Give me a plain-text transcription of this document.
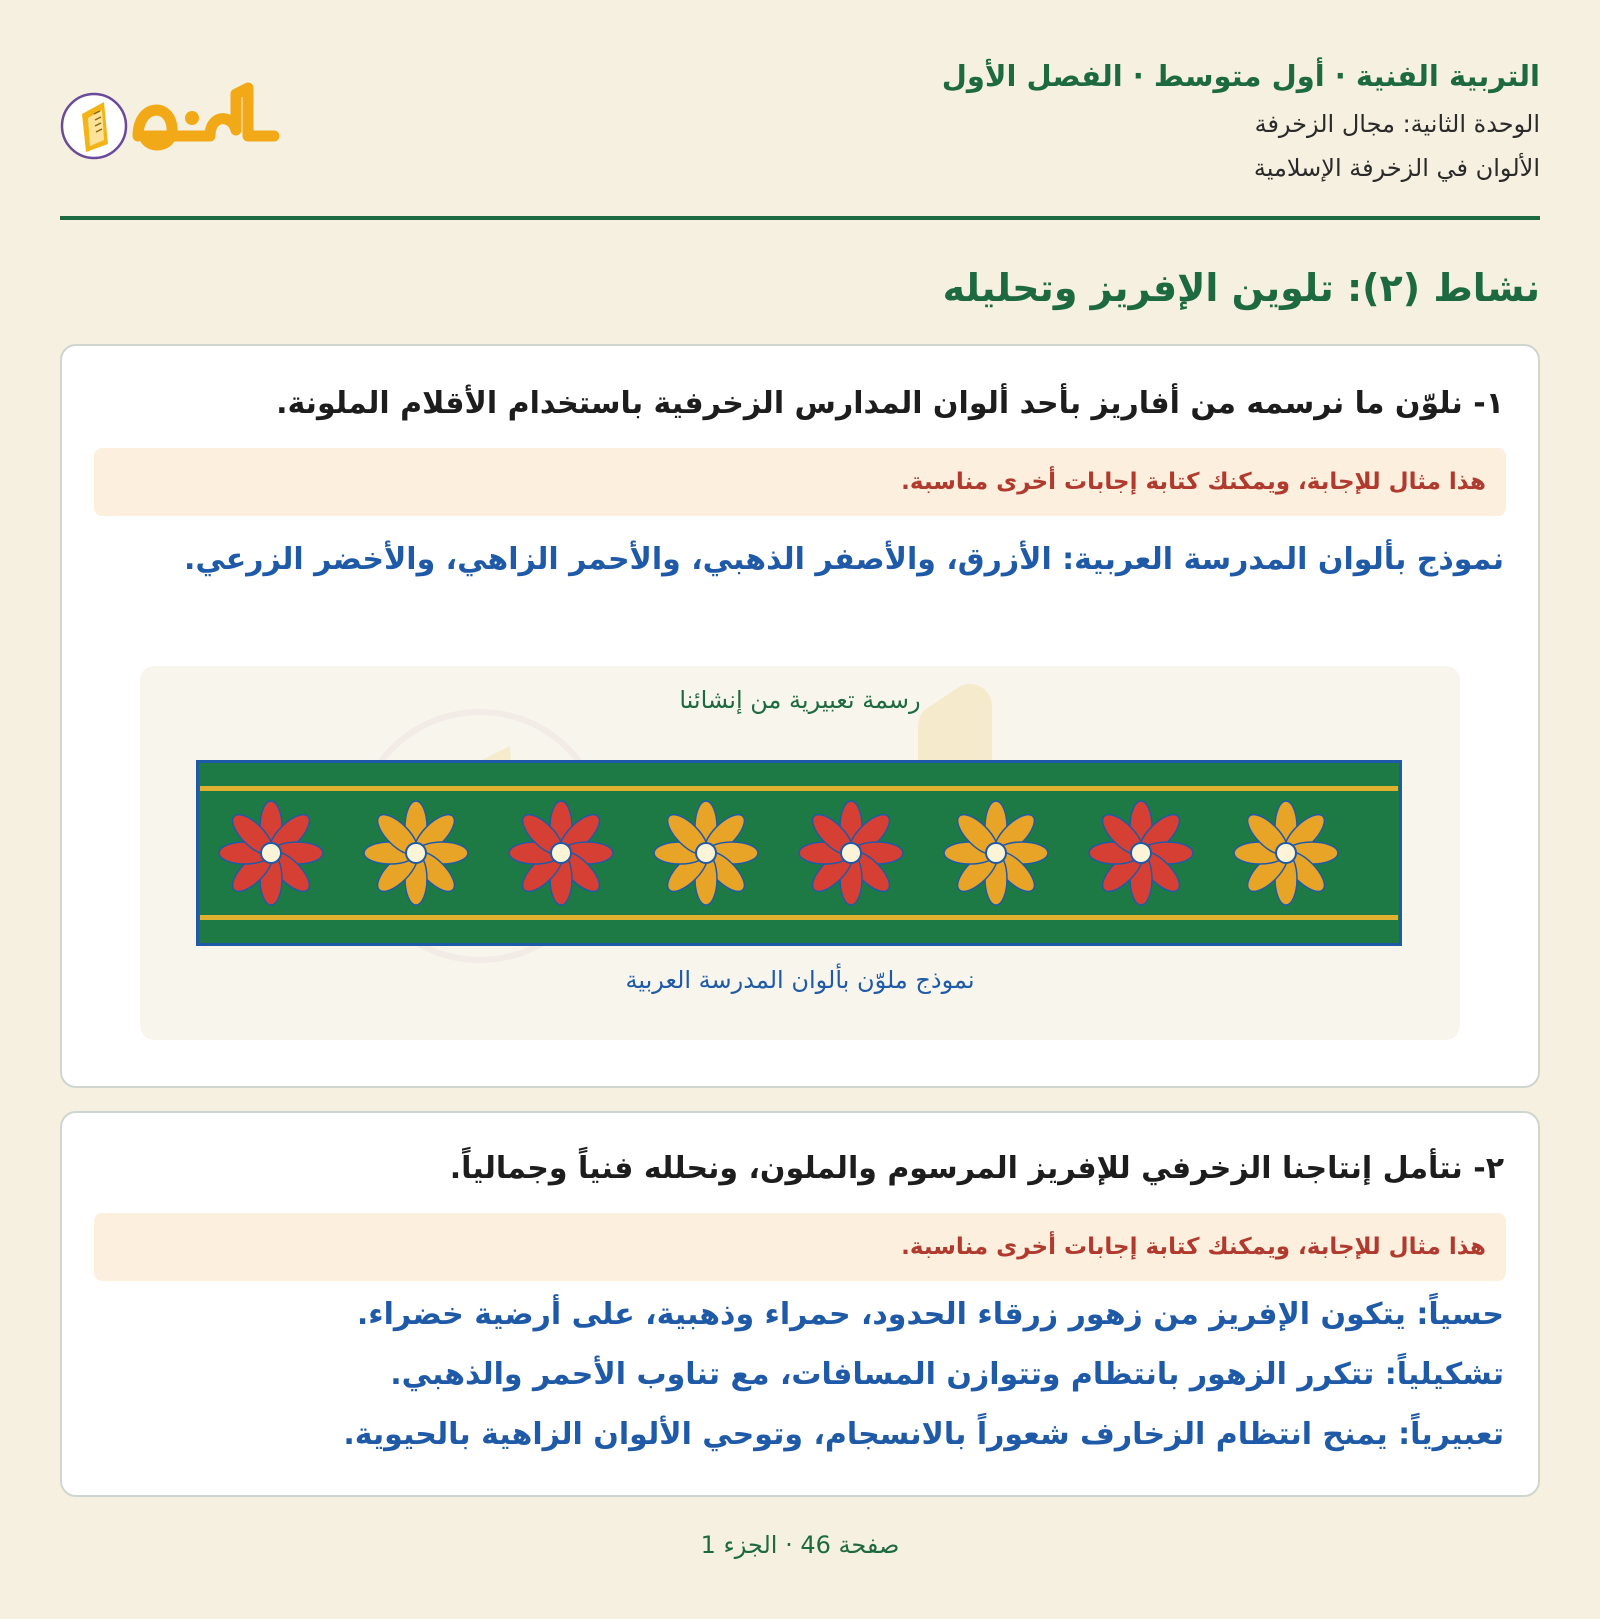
التربية الفنية · أول متوسط · الفصل الأول
الوحدة الثانية: مجال الزخرفة
الألوان في الزخرفة الإسلامية
نشاط (٢): تلوين الإفريز وتحليله
١- نلوّن ما نرسمه من أفاريز بأحد ألوان المدارس الزخرفية باستخدام الأقلام الملونة.
هذا مثال للإجابة، ويمكنك كتابة إجابات أخرى مناسبة.
نموذج بألوان المدرسة العربية: الأزرق، والأصفر الذهبي، والأحمر الزاهي، والأخضر الزرعي.
رسمة تعبيرية من إنشائنا
نموذج ملوّن بألوان المدرسة العربية
٢- نتأمل إنتاجنا الزخرفي للإفريز المرسوم والملون، ونحلله فنياً وجمالياً.
هذا مثال للإجابة، ويمكنك كتابة إجابات أخرى مناسبة.

حسياً: يتكون الإفريز من زهور زرقاء الحدود، حمراء وذهبية، على أرضية خضراء.

تشكيلياً: تتكرر الزهور بانتظام وتتوازن المسافات، مع تناوب الأحمر والذهبي.

تعبيرياً: يمنح انتظام الزخارف شعوراً بالانسجام، وتوحي الألوان الزاهية بالحيوية.

صفحة 46 · الجزء 1
